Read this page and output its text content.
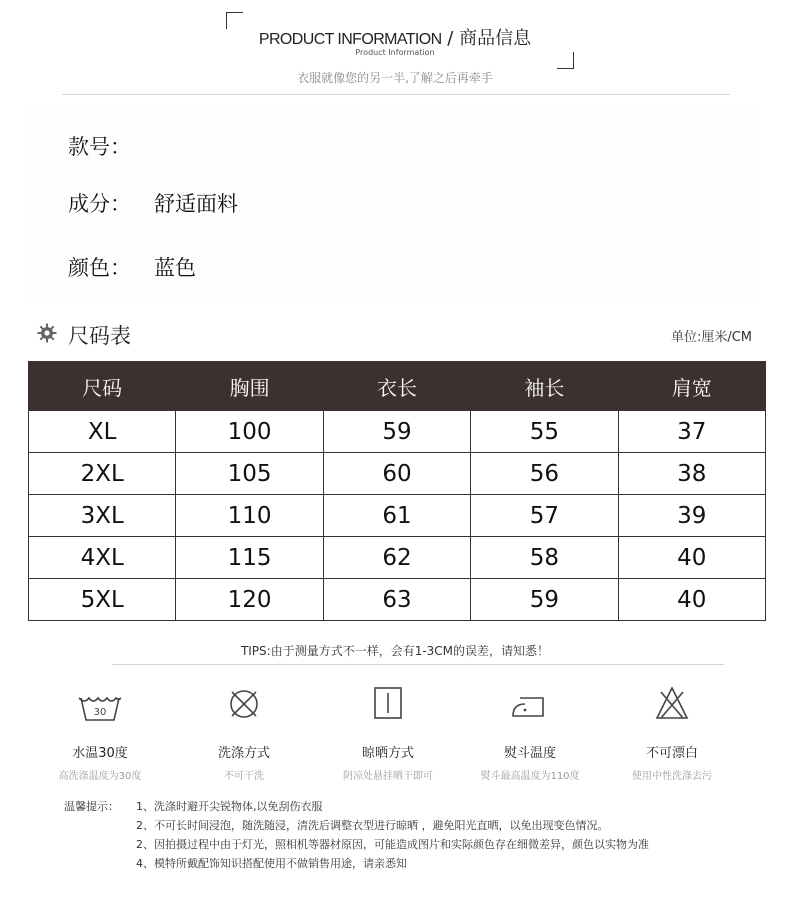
PRODUCT INFORMATION / 商品信息
Product Information
衣服就像您的另一半,了解之后再牵手
款号：
成分： 舒适面料
颜色： 蓝色
尺码表	单位:厘米/CM
尺码	胸围	衣长	袖长	肩宽
XL	100	59	55	37
2XL	105	60	56	38
3XL	110	61	57	39
4XL	115	62	58	40
5XL	120	63	59	40
TIPS:由于测量方式不一样，会有1-3CM的误差，请知悉！
30
水温30度
高洗涤温度为30度
洗涤方式
不可干洗
晾晒方式
阴凉处悬挂晒干即可
熨斗温度
熨斗最高温度为110度
不可漂白
使用中性洗涤去污
温馨提示： 1、洗涤时避开尖锐物体,以免刮伤衣服
2、不可长时间浸泡，随洗随浸，清洗后调整衣型进行晾晒 ，避免阳光直晒，以免出现变色情况。
2、因拍摄过程中由于灯光，照相机等器材原因，可能造成图片和实际颜色存在细微差异，颜色以实物为准
4、模特所戴配饰知识搭配使用不做销售用途，请亲悉知
